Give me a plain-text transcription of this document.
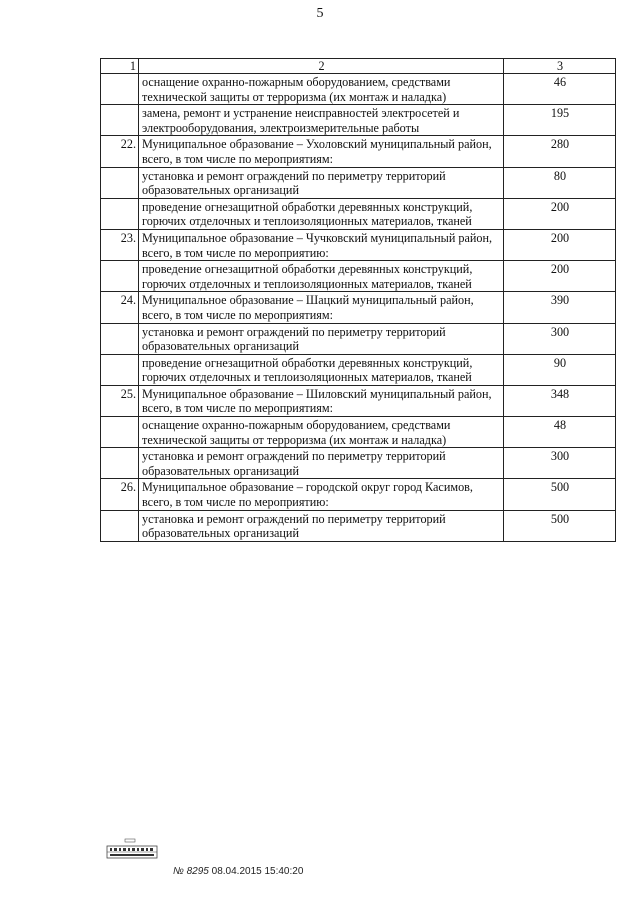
5
1	2	3
	оснащение охранно-пожарным оборудованием, средствами технической защиты от терроризма (их монтаж и наладка)	46
	замена, ремонт и устранение неисправностей электросетей и электрооборудования, электроизмерительные работы	195
22.	Муниципальное образование – Ухоловский муниципальный район, всего, в том числе по мероприятиям:	280
	установка и ремонт ограждений по периметру территорий образовательных организаций	80
	проведение огнезащитной обработки деревянных конструкций, горючих отделочных и теплоизоляционных материалов, тканей	200
23.	Муниципальное образование – Чучковский муниципальный район, всего, в том числе по мероприятию:	200
	проведение огнезащитной обработки деревянных конструкций, горючих отделочных и теплоизоляционных материалов, тканей	200
24.	Муниципальное образование – Шацкий муниципальный район, всего, в том числе по мероприятиям:	390
	установка и ремонт ограждений по периметру территорий образовательных организаций	300
	проведение огнезащитной обработки деревянных конструкций, горючих отделочных и теплоизоляционных материалов, тканей	90
25.	Муниципальное образование – Шиловский муниципальный район, всего, в том числе по мероприятиям:	348
	оснащение охранно-пожарным оборудованием, средствами технической защиты от терроризма (их монтаж и наладка)	48
	установка и ремонт ограждений по периметру территорий образовательных организаций	300
26.	Муниципальное образование – городской округ город Касимов, всего, в том числе по мероприятию:	500
	установка и ремонт ограждений по периметру территорий образовательных организаций	500
№ 8295 08.04.2015 15:40:20
